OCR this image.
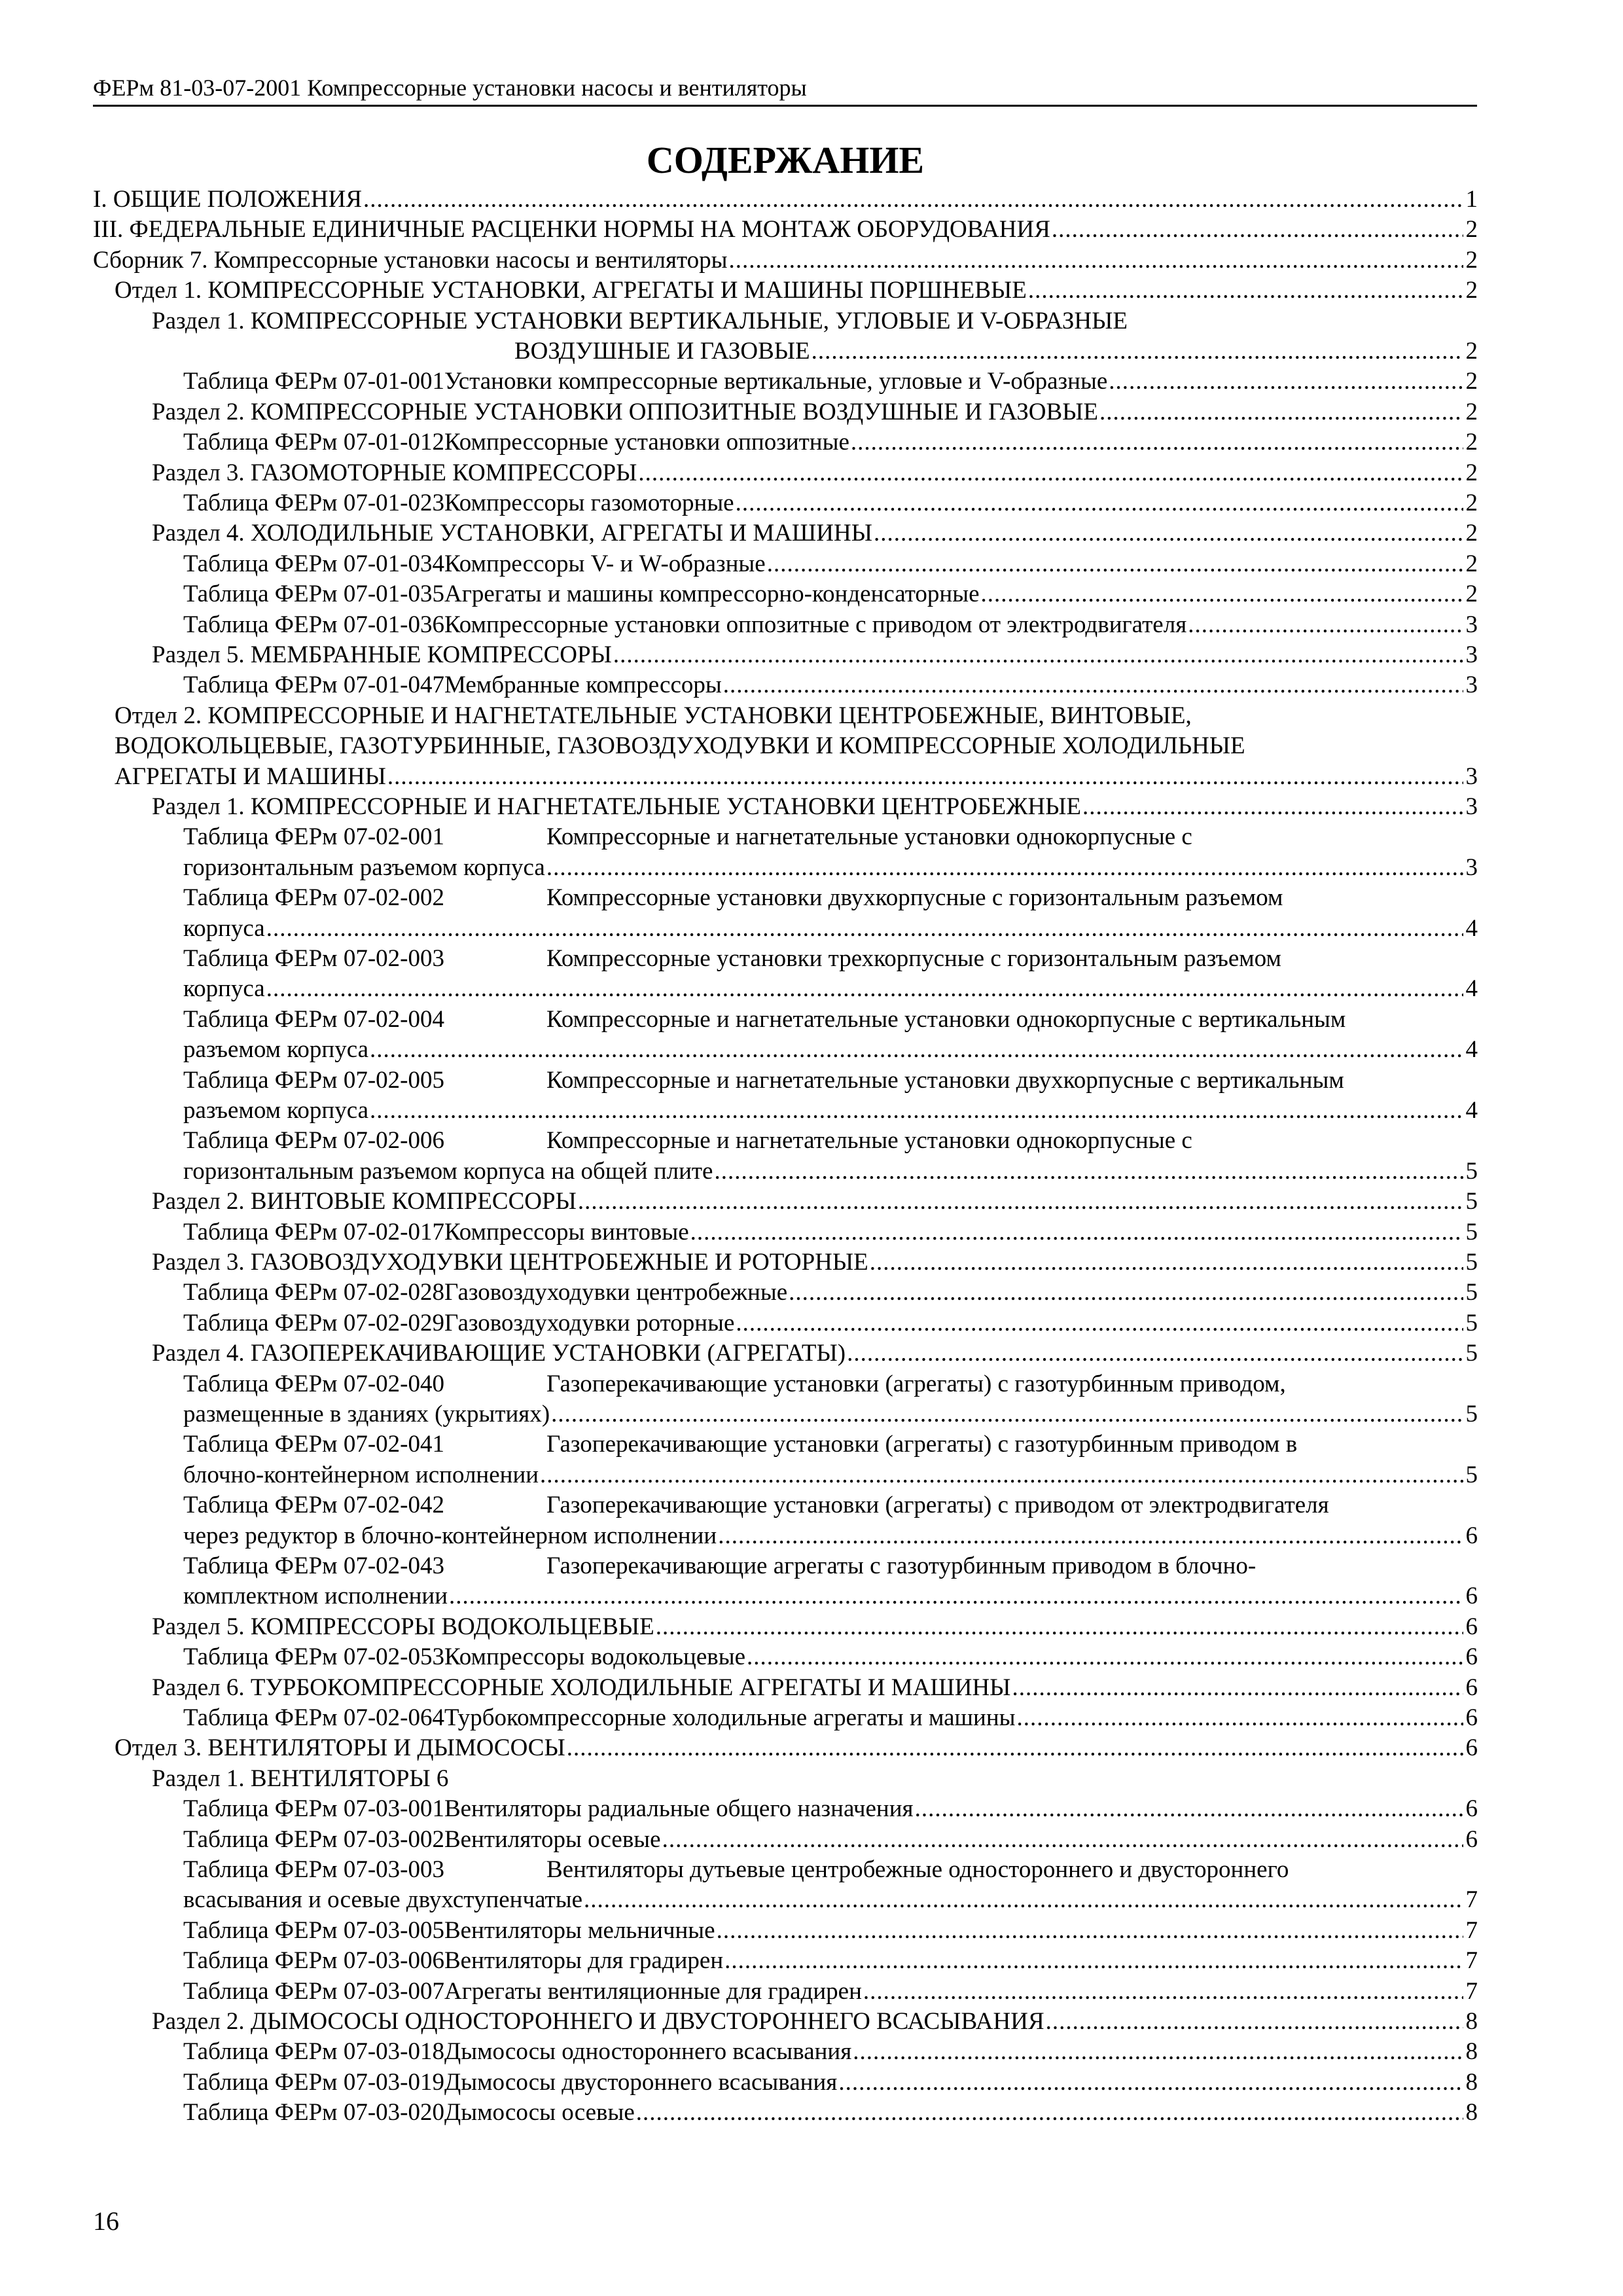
ФЕРм 81-03-07-2001 Компрессорные установки насосы и вентиляторы
СОДЕРЖАНИЕ
I. ОБЩИЕ ПОЛОЖЕНИЯ .....	1
III. ФЕДЕРАЛЬНЫЕ ЕДИНИЧНЫЕ РАСЦЕНКИ НОРМЫ НА МОНТАЖ ОБОРУДОВАНИЯ .....	2
Сборник 7. Компрессорные установки насосы и вентиляторы .....	2
Отдел 1. КОМПРЕССОРНЫЕ УСТАНОВКИ, АГРЕГАТЫ И МАШИНЫ ПОРШНЕВЫЕ .....	2
Раздел 1. КОМПРЕССОРНЫЕ УСТАНОВКИ ВЕРТИКАЛЬНЫЕ, УГЛОВЫЕ И V-ОБРАЗНЫЕ
ВОЗДУШНЫЕ И ГАЗОВЫЕ .....	2
Таблица ФЕРм 07-01-001 Установки компрессорные вертикальные, угловые и V-образные .....	2
Раздел 2. КОМПРЕССОРНЫЕ УСТАНОВКИ ОППОЗИТНЫЕ ВОЗДУШНЫЕ И ГАЗОВЫЕ .....	2
Таблица ФЕРм 07-01-012 Компрессорные установки оппозитные .....	2
Раздел 3. ГАЗОМОТОРНЫЕ КОМПРЕССОРЫ .....	2
Таблица ФЕРм 07-01-023 Компрессоры газомоторные .....	2
Раздел 4. ХОЛОДИЛЬНЫЕ УСТАНОВКИ, АГРЕГАТЫ И МАШИНЫ .....	2
Таблица ФЕРм 07-01-034 Компрессоры V- и W-образные .....	2
Таблица ФЕРм 07-01-035 Агрегаты и машины компрессорно-конденсаторные .....	2
Таблица ФЕРм 07-01-036 Компрессорные установки оппозитные с приводом от электродвигателя .....	3
Раздел 5. МЕМБРАННЫЕ КОМПРЕССОРЫ .....	3
Таблица ФЕРм 07-01-047 Мембранные компрессоры .....	3
Отдел 2. КОМПРЕССОРНЫЕ И НАГНЕТАТЕЛЬНЫЕ УСТАНОВКИ ЦЕНТРОБЕЖНЫЕ, ВИНТОВЫЕ,
ВОДОКОЛЬЦЕВЫЕ, ГАЗОТУРБИННЫЕ, ГАЗОВОЗДУХОДУВКИ И КОМПРЕССОРНЫЕ ХОЛОДИЛЬНЫЕ
АГРЕГАТЫ И МАШИНЫ .....	3
Раздел 1. КОМПРЕССОРНЫЕ И НАГНЕТАТЕЛЬНЫЕ УСТАНОВКИ ЦЕНТРОБЕЖНЫЕ .....	3
Таблица ФЕРм 07-02-001	Компрессорные и нагнетательные установки однокорпусные с
горизонтальным разъемом корпуса .....	3
Таблица ФЕРм 07-02-002	Компрессорные установки двухкорпусные с горизонтальным разъемом
корпуса .....	4
Таблица ФЕРм 07-02-003	Компрессорные установки трехкорпусные с горизонтальным разъемом
корпуса .....	4
Таблица ФЕРм 07-02-004	Компрессорные и нагнетательные установки однокорпусные с вертикальным
разъемом корпуса .....	4
Таблица ФЕРм 07-02-005	Компрессорные и нагнетательные установки двухкорпусные с вертикальным
разъемом корпуса .....	4
Таблица ФЕРм 07-02-006	Компрессорные и нагнетательные установки однокорпусные с
горизонтальным разъемом корпуса на общей плите .....	5
Раздел 2. ВИНТОВЫЕ КОМПРЕССОРЫ .....	5
Таблица ФЕРм 07-02-017 Компрессоры винтовые .....	5
Раздел 3. ГАЗОВОЗДУХОДУВКИ ЦЕНТРОБЕЖНЫЕ И РОТОРНЫЕ .....	5
Таблица ФЕРм 07-02-028 Газовоздуходувки центробежные .....	5
Таблица ФЕРм 07-02-029 Газовоздуходувки роторные .....	5
Раздел 4. ГАЗОПЕРЕКАЧИВАЮЩИЕ УСТАНОВКИ (АГРЕГАТЫ) .....	5
Таблица ФЕРм 07-02-040	Газоперекачивающие установки (агрегаты) с газотурбинным приводом,
размещенные в зданиях (укрытиях) .....	5
Таблица ФЕРм 07-02-041	Газоперекачивающие установки (агрегаты) с газотурбинным приводом в
блочно-контейнерном исполнении .....	5
Таблица ФЕРм 07-02-042	Газоперекачивающие установки (агрегаты) с приводом от электродвигателя
через редуктор в блочно-контейнерном исполнении .....	6
Таблица ФЕРм 07-02-043	Газоперекачивающие агрегаты с газотурбинным приводом в блочно-
комплектном исполнении .....	6
Раздел 5. КОМПРЕССОРЫ ВОДОКОЛЬЦЕВЫЕ .....	6
Таблица ФЕРм 07-02-053 Компрессоры водокольцевые .....	6
Раздел 6. ТУРБОКОМПРЕССОРНЫЕ ХОЛОДИЛЬНЫЕ АГРЕГАТЫ И МАШИНЫ .....	6
Таблица ФЕРм 07-02-064 Турбокомпрессорные холодильные агрегаты и машины .....	6
Отдел 3. ВЕНТИЛЯТОРЫ И ДЫМОСОСЫ .....	6
Раздел 1. ВЕНТИЛЯТОРЫ 6
Таблица ФЕРм 07-03-001 Вентиляторы радиальные общего назначения .....	6
Таблица ФЕРм 07-03-002 Вентиляторы осевые .....	6
Таблица ФЕРм 07-03-003	Вентиляторы дутьевые центробежные одностороннего и двустороннего
всасывания и осевые двухступенчатые .....	7
Таблица ФЕРм 07-03-005 Вентиляторы мельничные .....	7
Таблица ФЕРм 07-03-006 Вентиляторы для градирен .....	7
Таблица ФЕРм 07-03-007 Агрегаты вентиляционные для градирен .....	7
Раздел 2. ДЫМОСОСЫ ОДНОСТОРОННЕГО И ДВУСТОРОННЕГО ВСАСЫВАНИЯ .....	8
Таблица ФЕРм 07-03-018 Дымососы одностороннего всасывания .....	8
Таблица ФЕРм 07-03-019 Дымососы двустороннего всасывания .....	8
Таблица ФЕРм 07-03-020 Дымососы осевые .....	8
16
